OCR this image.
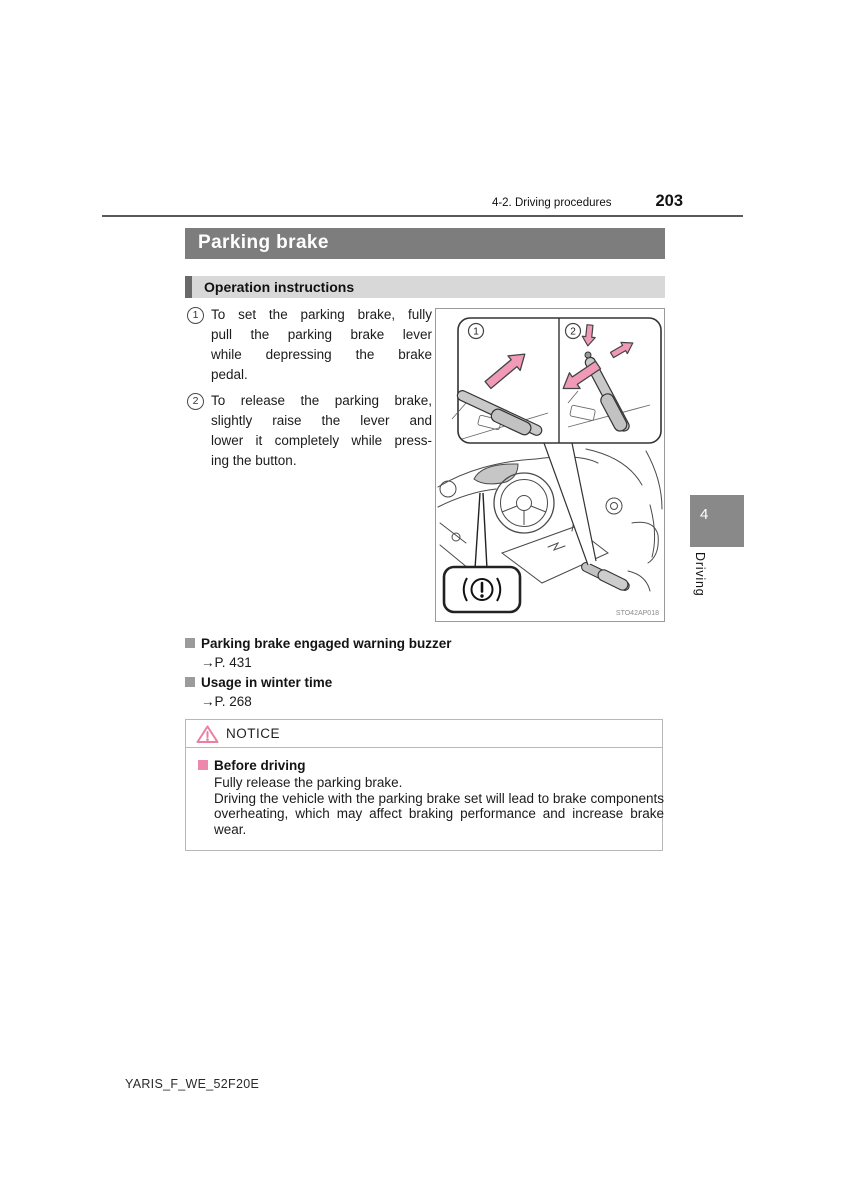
4-2. Driving procedures	203
Parking brake
Operation instructions
1 To set the parking brake, fully
pull the parking brake lever
while depressing the brake
pedal.
2 To release the parking brake,
slightly raise the lever and
lower it completely while press-
ing the button.
1	2
STO42AP018
Parking brake engaged warning buzzer
→P. 431
Usage in winter time
→P. 268
NOTICE
Before driving
Fully release the parking brake.
Driving the vehicle with the parking brake set will lead to brake components overheating, which may affect braking performance and increase brake wear.
4
Driving
YARIS_F_WE_52F20E
